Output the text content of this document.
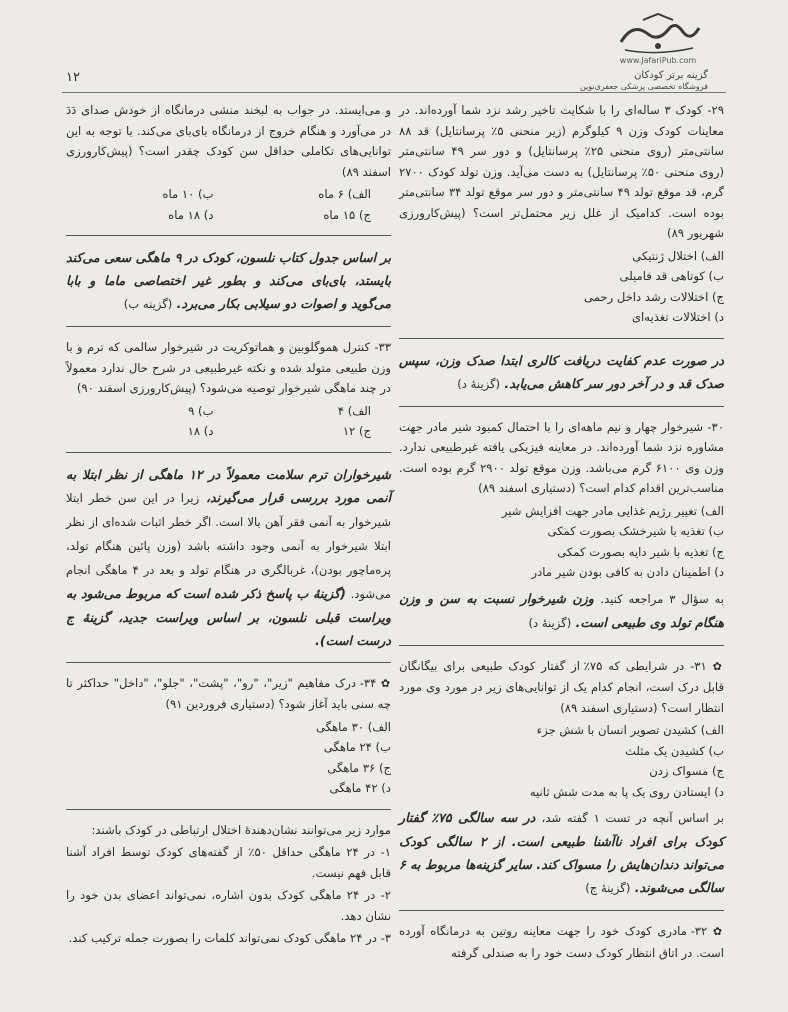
www.JafariPub.com
۱۲	گزینه برتر کودکان
فروشگاه تخصصی پزشکی جعفری‌نوین

۲۹- کودک ۳ ساله‌ای را با شکایت تاخیر رشد نزد شما آورده‌اند. در معاینات کودک وزن ۹ کیلوگرم (زیر منحنی ۵٪ پرسانتایل) قد ۸۸ سانتی‌متر (روی منحنی ۲۵٪ پرسانتایل) و دور سر ۴۹ سانتی‌متر (روی منحنی ۵۰٪ پرسانتایل) به دست می‌آید. وزن تولد کودک ۲۷۰۰ گرم، قد موقع تولد ۴۹ سانتی‌متر و دور سر موقع تولد ۳۴ سانتی‌متر بوده است. کدامیک از علل زیر محتمل‌تر است؟ (پیش‌کارورزی شهریور ۸۹)

الف) اختلال ژنتیکی

ب) کوتاهی قد فامیلی

ج) اختلالات رشد داخل رحمی

د) اختلالات تغذیه‌ای

در صورت عدم کفایت دریافت کالری ابتدا صدک وزن، سپس صدک قد و در آخر دور سر کاهش می‌یابد. (گزینهٔ د)

۳۰- شیرخوار چهار و نیم ماهه‌ای را با احتمال کمبود شیر مادر جهت مشاوره نزد شما آورده‌اند. در معاینه فیزیکی یافته غیرطبیعی ندارد. وزن وی ۶۱۰۰ گرم می‌باشد. وزن موقع تولد ۲۹۰۰ گرم بوده است. مناسب‌ترین اقدام کدام است؟ (دستیاری اسفند ۸۹)

الف) تغییر رژیم غذایی مادر جهت افزایش شیر

ب) تغذیه با شیرخشک بصورت کمکی

ج) تغذیه با شیر دایه بصورت کمکی

د) اطمینان دادن به کافی بودن شیر مادر

به سؤال ۳ مراجعه کنید. وزن شیرخوار نسبت به سن و وزن هنگام تولد وی طبیعی است. (گزینهٔ د)

✿ ۳۱- در شرایطی که ۷۵٪ از گفتار کودک طبیعی برای بیگانگان قابل درک است، انجام کدام یک از توانایی‌های زیر در مورد وی مورد انتظار است؟ (دستیاری اسفند ۸۹)

الف) کشیدن تصویر انسان با شش جزء

ب) کشیدن یک مثلث

ج) مسواک زدن

د) ایستادن روی یک پا به مدت شش ثانیه

بر اساس آنچه در تست ۱ گفته شد، در سه سالگی ۷۵٪ گفتار کودک برای افراد ناآشنا طبیعی است. از ۲ سالگی کودک می‌تواند دندان‌هایش را مسواک کند. سایر گزینه‌ها مربوط به ۶ سالگی می‌شوند. (گزینهٔ ج)

✿ ۳۲- مادری کودک خود را جهت معاینه روتین به درمانگاه آورده است. در اتاق انتظار کودک دست خود را به صندلی گرفته

و می‌ایستد. در جواب به لبخند منشی درمانگاه از خودش صدای دَدَ در می‌آورد و هنگام خروج از درمانگاه بای‌بای می‌کند. با توجه به این توانایی‌های تکاملی حداقل سن کودک چقدر است؟ (پیش‌کارورزی اسفند ۸۹)

الف) ۶ ماه
ب) ۱۰ ماه
ج) ۱۵ ماه
د) ۱۸ ماه

بر اساس جدول کتاب نلسون، کودک در ۹ ماهگی سعی می‌کند بایستد، بای‌بای می‌کند و بطور غیر اختصاصی ماما و بابا می‌گوید و اصوات دو سیلابی بکار می‌برد. (گزینه ب)

۳۳- کنترل هموگلوبین و هماتوکریت در شیرخوار سالمی که ترم و با وزن طبیعی متولد شده و نکته غیرطبیعی در شرح حال ندارد معمولاً در چند ماهگی شیرخوار توصیه می‌شود؟ (پیش‌کارورزی اسفند ۹۰)

الف) ۴
ب) ۹
ج) ۱۲
د) ۱۸

شیرخواران ترم سلامت معمولاً در ۱۲ ماهگی از نظر ابتلا به آنمی مورد بررسی قرار می‌گیرند، زیرا در این سن خطر ابتلا شیرخوار به آنمی فقر آهن بالا است. اگر خطر اثبات شده‌ای از نظر ابتلا شیرخوار به آنمی وجود داشته باشد (وزن پائین هنگام تولد، پره‌ماچور بودن)، غربالگری در هنگام تولد و بعد در ۴ ماهگی انجام می‌شود. (گزینهٔ ب پاسخ ذکر شده است که مربوط می‌شود به ویراست قبلی نلسون، بر اساس ویراست جدید، گزینهٔ ج درست است).

✿ ۳۴- درک مفاهیم "زیر"، "رو"، "پشت"، "جلو"، "داخل" حداکثر تا چه سنی باید آغاز شود؟ (دستیاری فروردین ۹۱)

الف) ۳۰ ماهگی

ب) ۲۴ ماهگی

ج) ۳۶ ماهگی

د) ۴۲ ماهگی

موارد زیر می‌توانند نشان‌دهندهٔ اختلال ارتباطی در کودک باشند:

۱- در ۲۴ ماهگی حداقل ۵۰٪ از گفته‌های کودک توسط افراد آشنا قابل فهم نیست.

۲- در ۲۴ ماهگی کودک بدون اشاره، نمی‌تواند اعضای بدن خود را نشان دهد.

۳- در ۲۴ ماهگی کودک نمی‌تواند کلمات را بصورت جمله ترکیب کند.
